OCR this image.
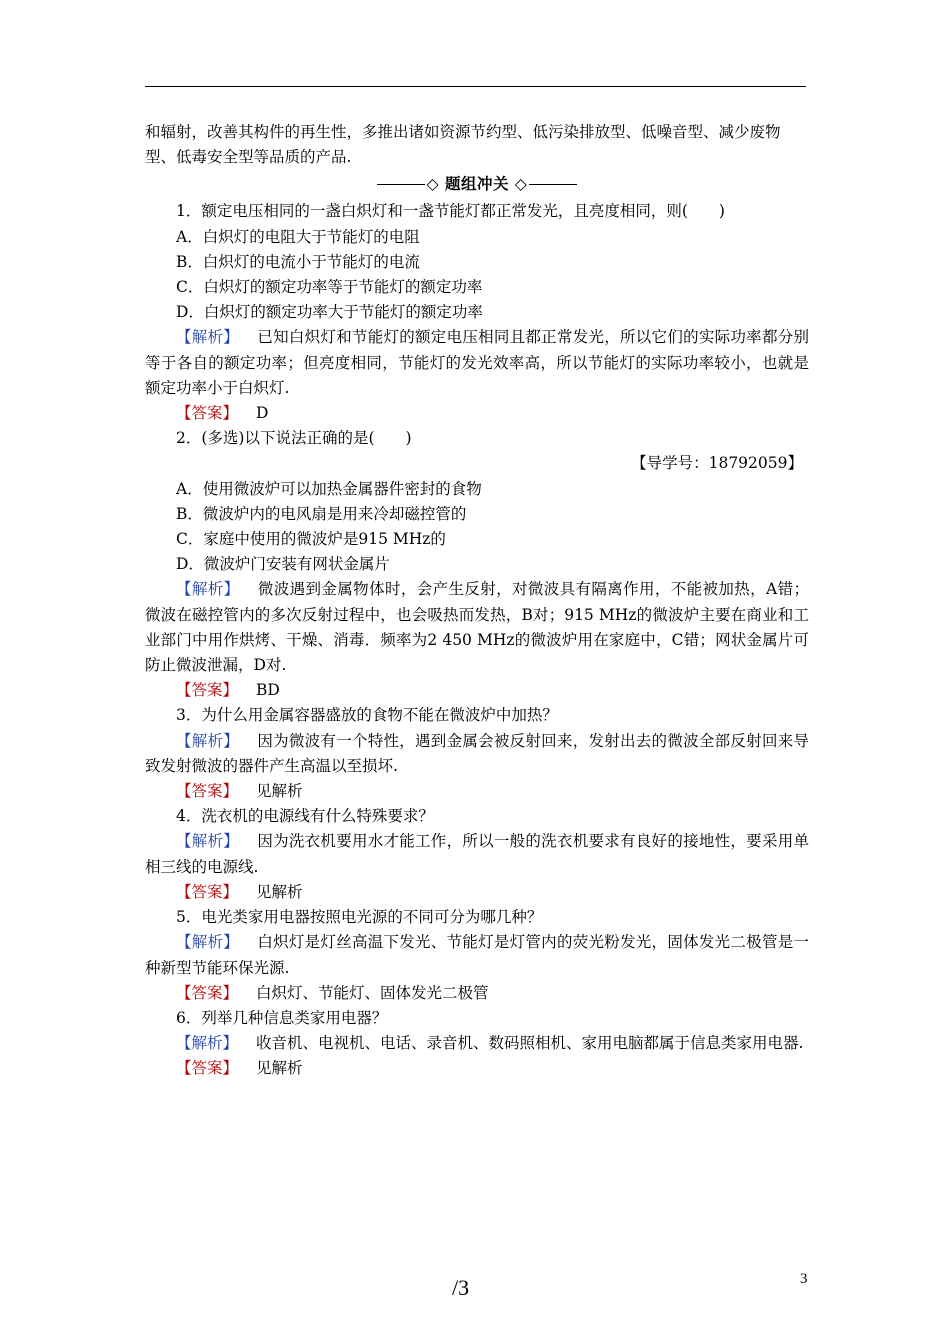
和辐射，改善其构件的再生性，多推出诸如资源节约型、低污染排放型、低噪音型、减少废物

型、低毒安全型等品质的产品.

◇ 题组冲关 ◇

1．额定电压相同的一盏白炽灯和一盏节能灯都正常发光，且亮度相同，则(　　)

A．白炽灯的电阻大于节能灯的电阻

B．白炽灯的电流小于节能灯的电流

C．白炽灯的额定功率等于节能灯的额定功率

D．白炽灯的额定功率大于节能灯的额定功率

【解析】 已知白炽灯和节能灯的额定电压相同且都正常发光，所以它们的实际功率都分别等于各自的额定功率；但亮度相同，节能灯的发光效率高，所以节能灯的实际功率较小，也就是额定功率小于白炽灯.

【答案】 D

2．(多选)以下说法正确的是(　　)

【导学号：18792059】

A．使用微波炉可以加热金属器件密封的食物

B．微波炉内的电风扇是用来冷却磁控管的

C．家庭中使用的微波炉是915 MHz的

D．微波炉门安装有网状金属片

【解析】 微波遇到金属物体时，会产生反射，对微波具有隔离作用，不能被加热，A错；微波在磁控管内的多次反射过程中，也会吸热而发热，B对；915 MHz的微波炉主要在商业和工业部门中用作烘烤、干燥、消毒．频率为2 450 MHz的微波炉用在家庭中，C错；网状金属片可防止微波泄漏，D对.

【答案】 BD

3．为什么用金属容器盛放的食物不能在微波炉中加热？

【解析】 因为微波有一个特性，遇到金属会被反射回来，发射出去的微波全部反射回来导致发射微波的器件产生高温以至损坏.

【答案】 见解析

4．洗衣机的电源线有什么特殊要求？

【解析】 因为洗衣机要用水才能工作，所以一般的洗衣机要求有良好的接地性，要采用单相三线的电源线.

【答案】 见解析

5．电光类家用电器按照电光源的不同可分为哪几种？

【解析】 白炽灯是灯丝高温下发光、节能灯是灯管内的荧光粉发光，固体发光二极管是一种新型节能环保光源.

【答案】 白炽灯、节能灯、固体发光二极管

6．列举几种信息类家用电器？

【解析】 收音机、电视机、电话、录音机、数码照相机、家用电脑都属于信息类家用电器.

【答案】 见解析

/3	3
